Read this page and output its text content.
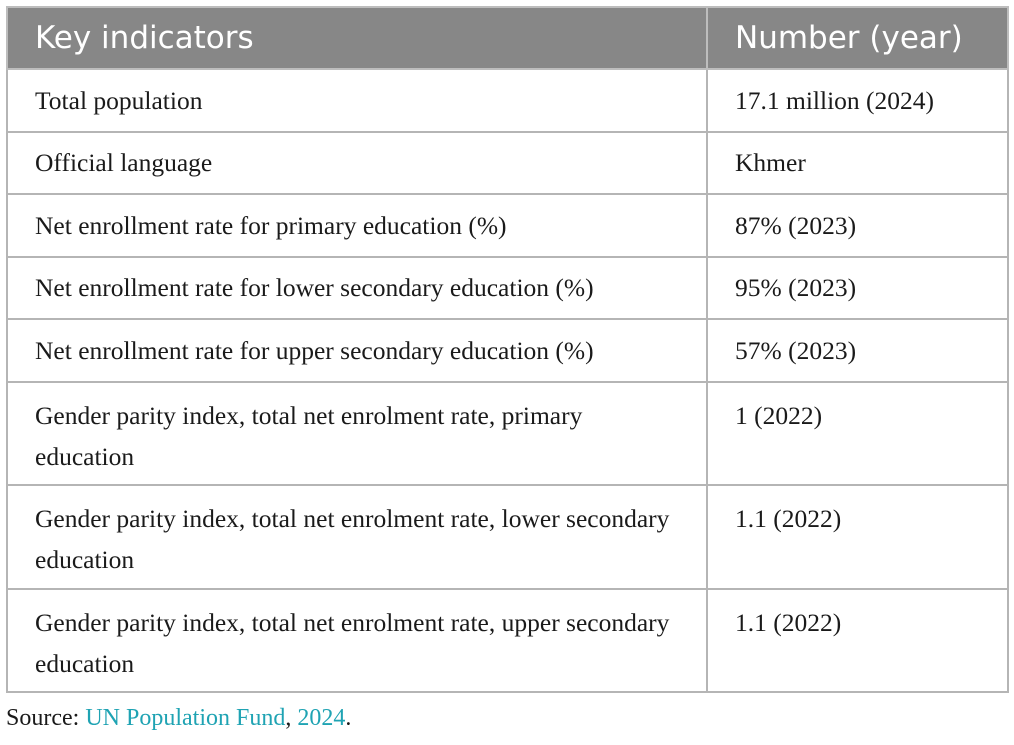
Key indicators	Number (year)
Total population	17.1 million (2024)
Official language	Khmer
Net enrollment rate for primary education (%)	87% (2023)
Net enrollment rate for lower secondary education (%)	95% (2023)
Net enrollment rate for upper secondary education (%)	57% (2023)
Gender parity index, total net enrolment rate, primary education	1 (2022)
Gender parity index, total net enrolment rate, lower secondary education	1.1 (2022)
Gender parity index, total net enrolment rate, upper secondary education	1.1 (2022)
Source: UN Population Fund, 2024.
